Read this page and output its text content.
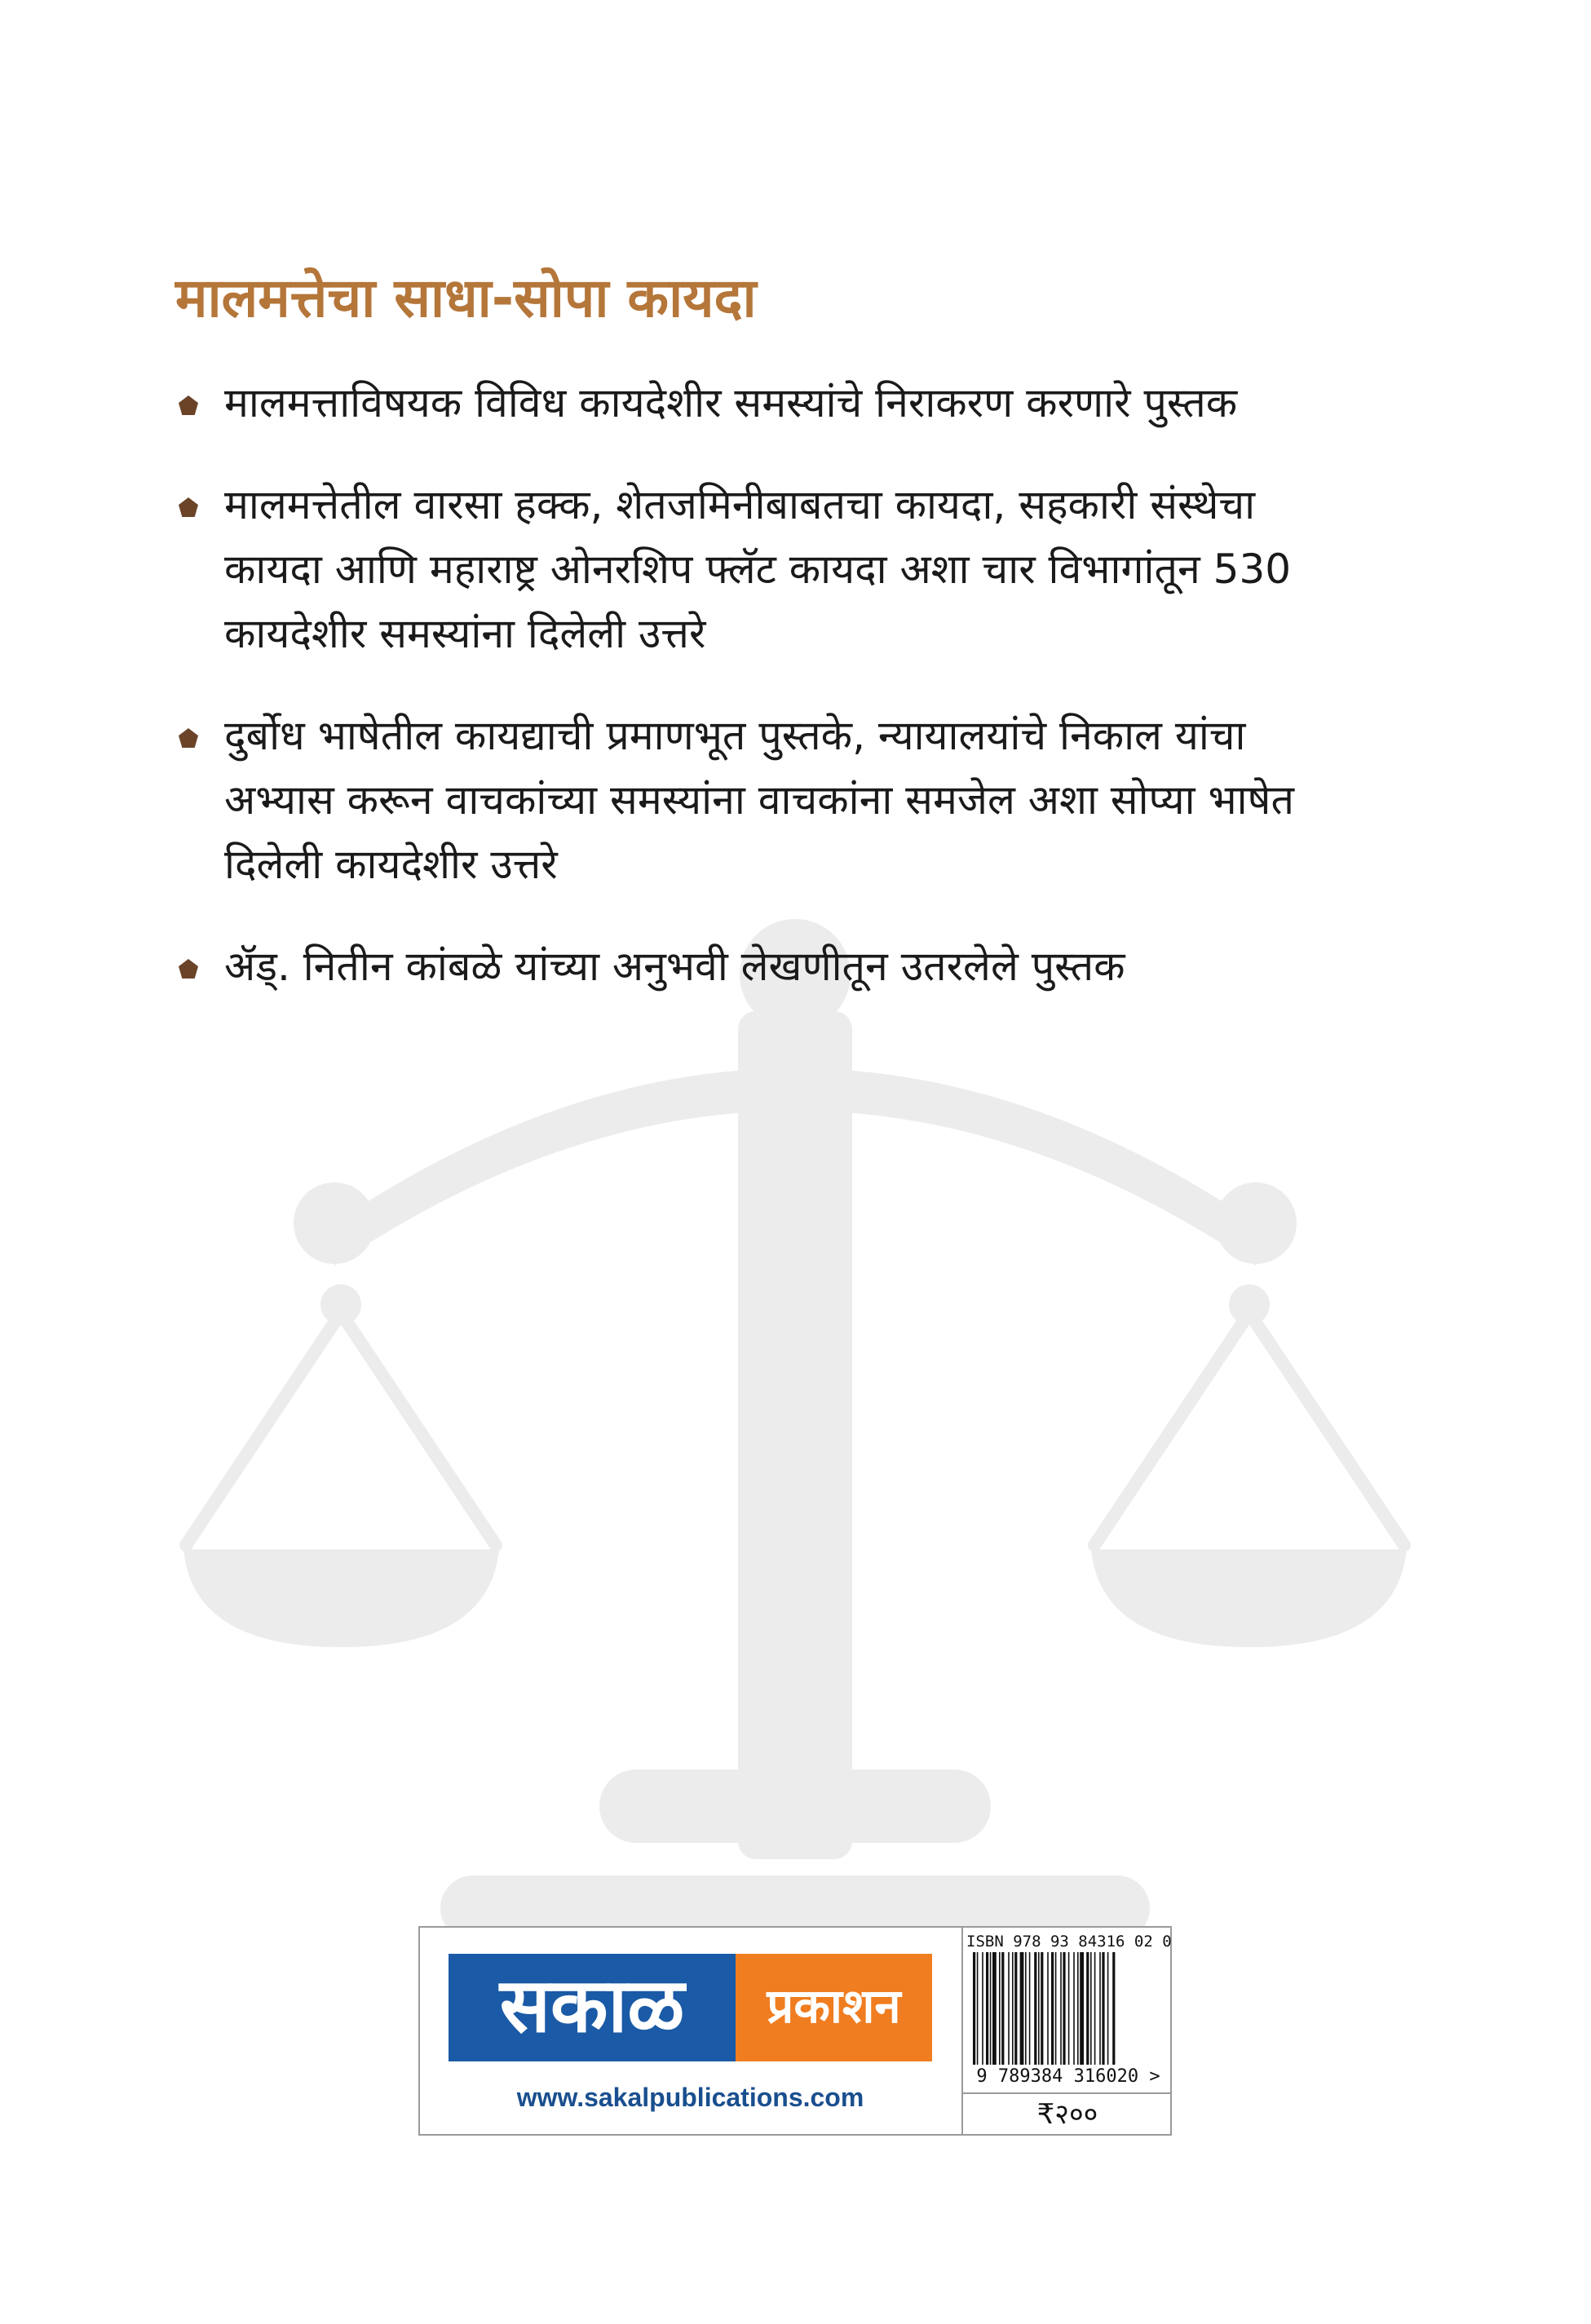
मालमत्तेचा साधा-सोपा कायदा
मालमत्ताविषयक विविध कायदेशीर समस्यांचे निराकरण करणारे पुस्तक
मालमत्तेतील वारसा हक्क, शेतजमिनीबाबतचा कायदा, सहकारी संस्थेचा
कायदा आणि महाराष्ट्र ओनरशिप फ्लॅट कायदा अशा चार विभागांतून 530
कायदेशीर समस्यांना दिलेली उत्तरे
दुर्बोध भाषेतील कायद्याची प्रमाणभूत पुस्तके, न्यायालयांचे निकाल यांचा
अभ्यास करून वाचकांच्या समस्यांना वाचकांना समजेल अशा सोप्या भाषेत
दिलेली कायदेशीर उत्तरे
ॲड्. नितीन कांबळे यांच्या अनुभवी लेखणीतून उतरलेले पुस्तक
सकाळ	प्रकाशन
www.sakalpublications.com
ISBN 978 93 84316 02 0
9 789384 316020 >
₹२००
